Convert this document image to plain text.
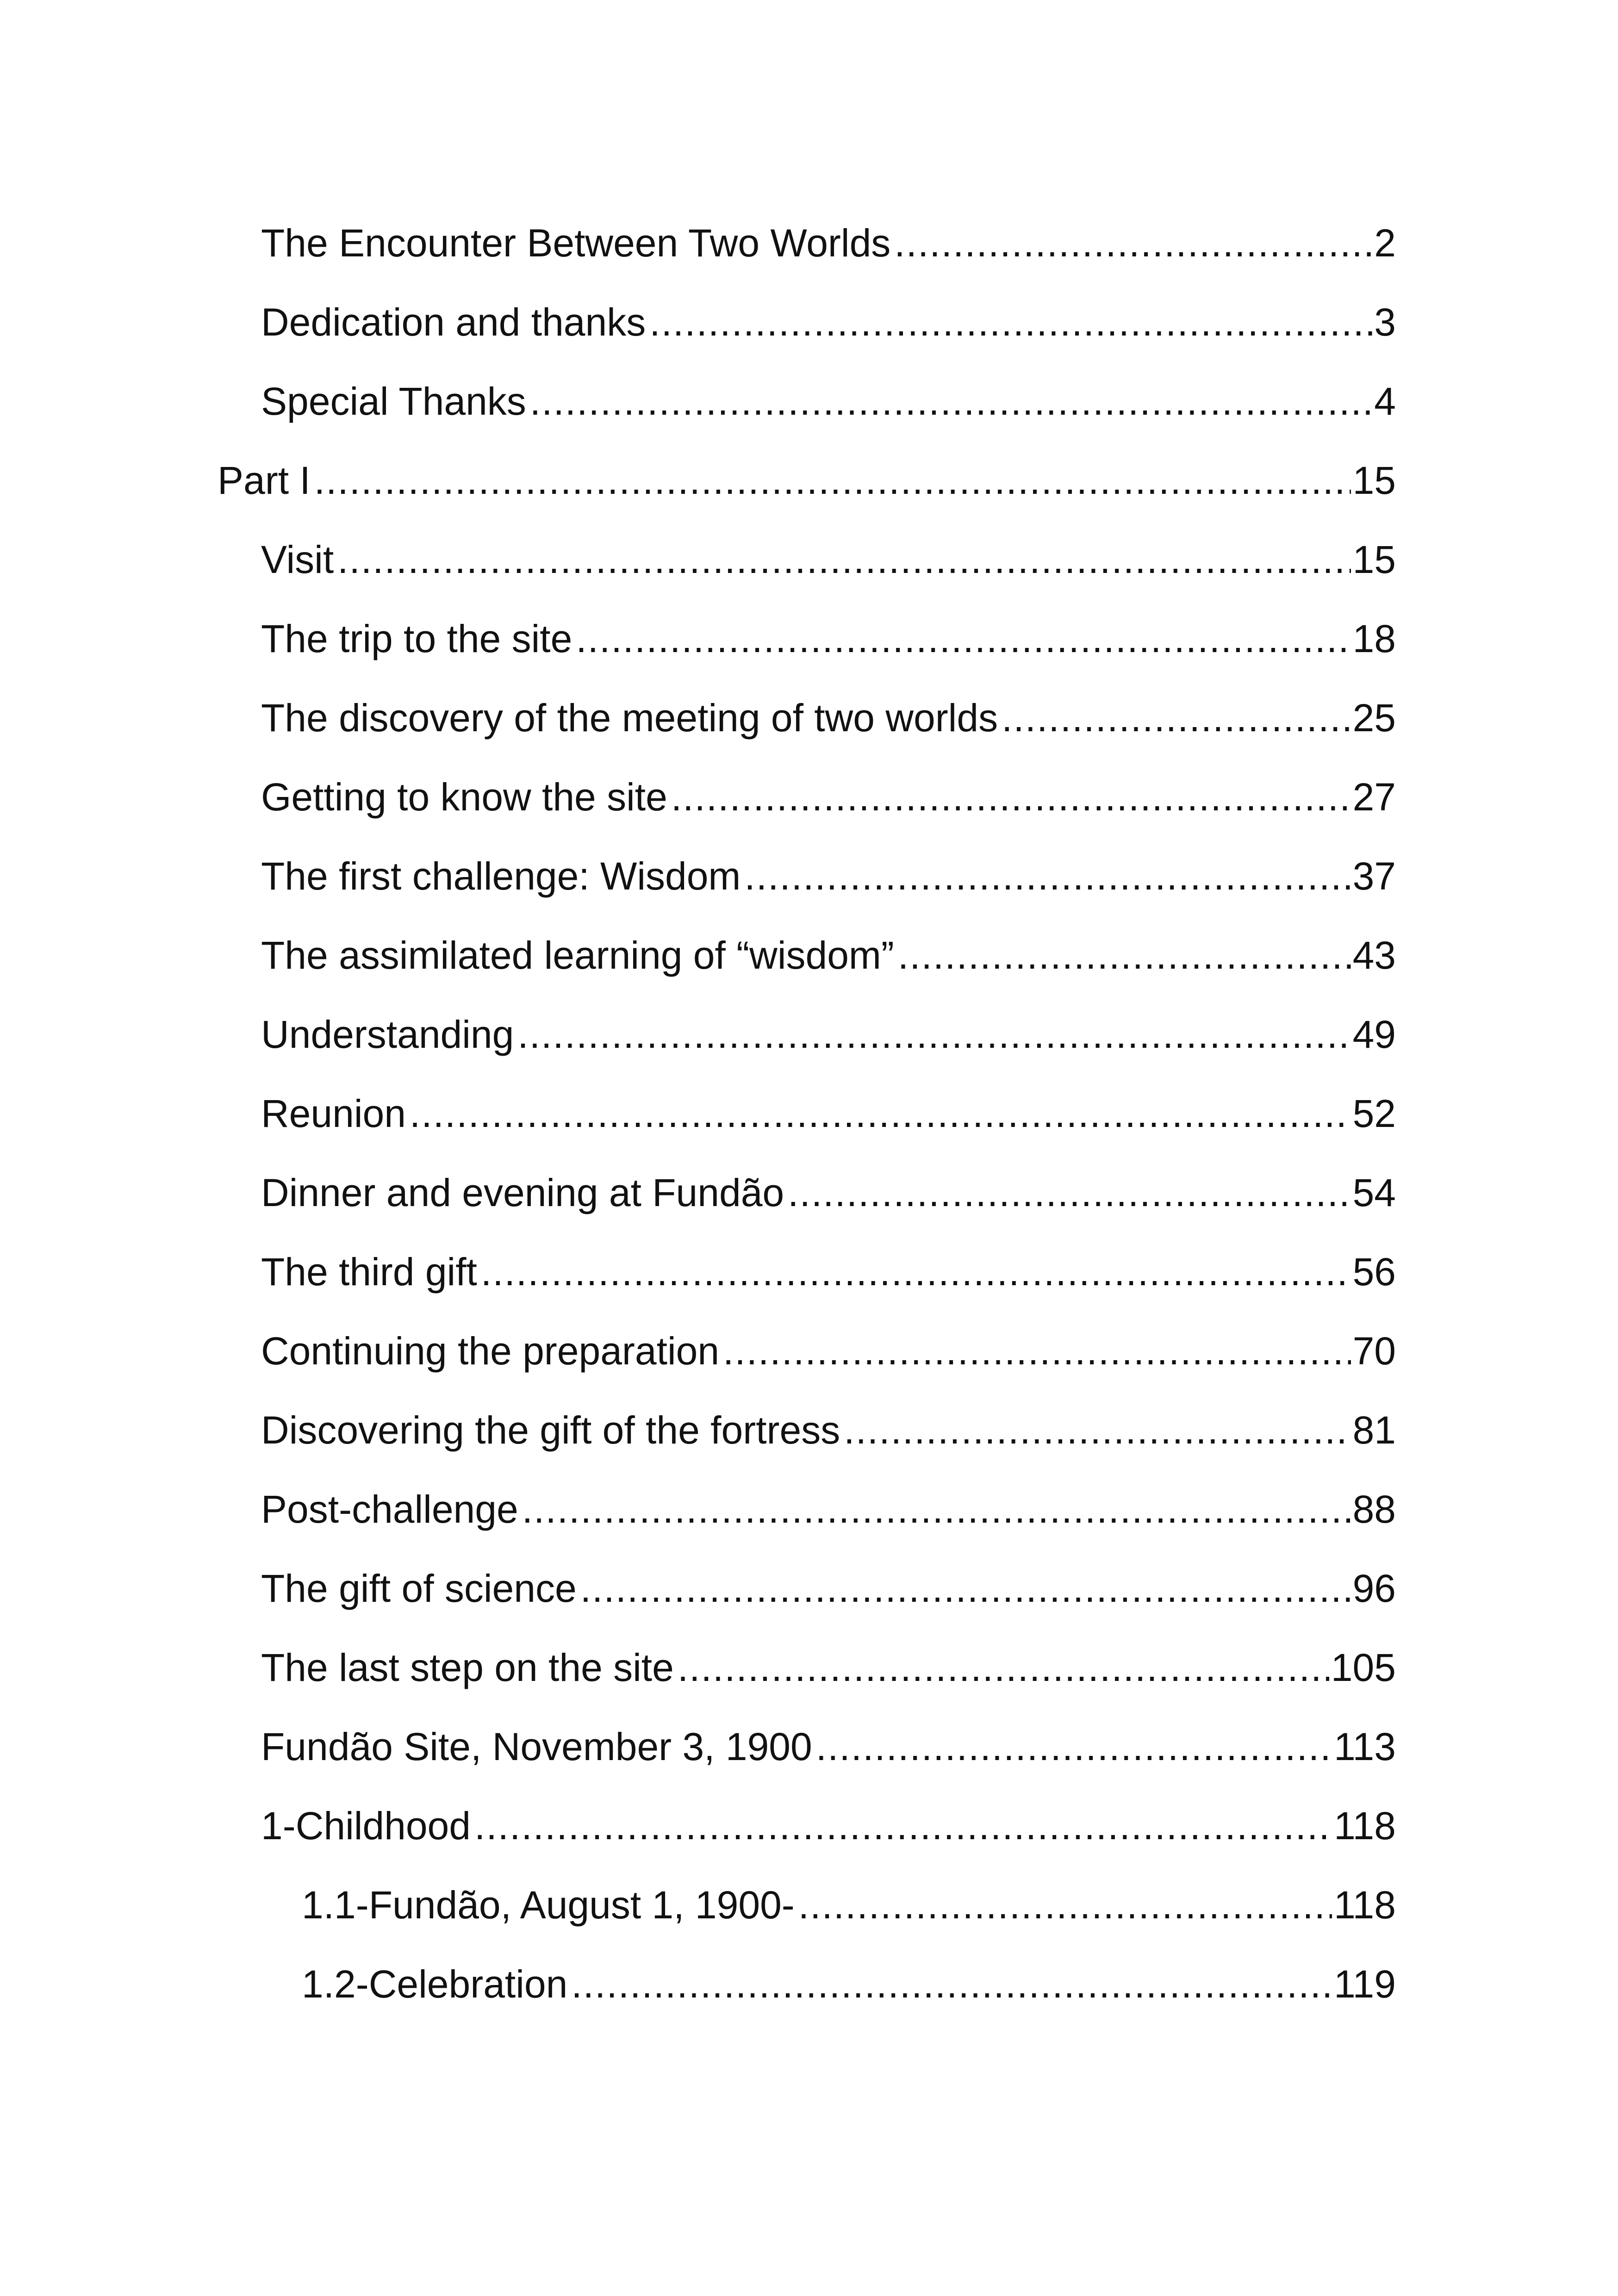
The Encounter Between Two Worlds .....	2
Dedication and thanks .....	3
Special Thanks .....	4
Part I .....	15
Visit .....	15
The trip to the site .....	18
The discovery of the meeting of two worlds .....	25
Getting to know the site .....	27
The first challenge: Wisdom .....	37
The assimilated learning of “wisdom” .....	43
Understanding .....	49
Reunion .....	52
Dinner and evening at Fundão .....	54
The third gift .....	56
Continuing the preparation .....	70
Discovering the gift of the fortress .....	81
Post-challenge .....	88
The gift of science .....	96
The last step on the site .....	105
Fundão Site, November 3, 1900 .....	113
1-Childhood .....	118
1.1-Fundão, August 1, 1900- .....	118
1.2-Celebration .....	119
